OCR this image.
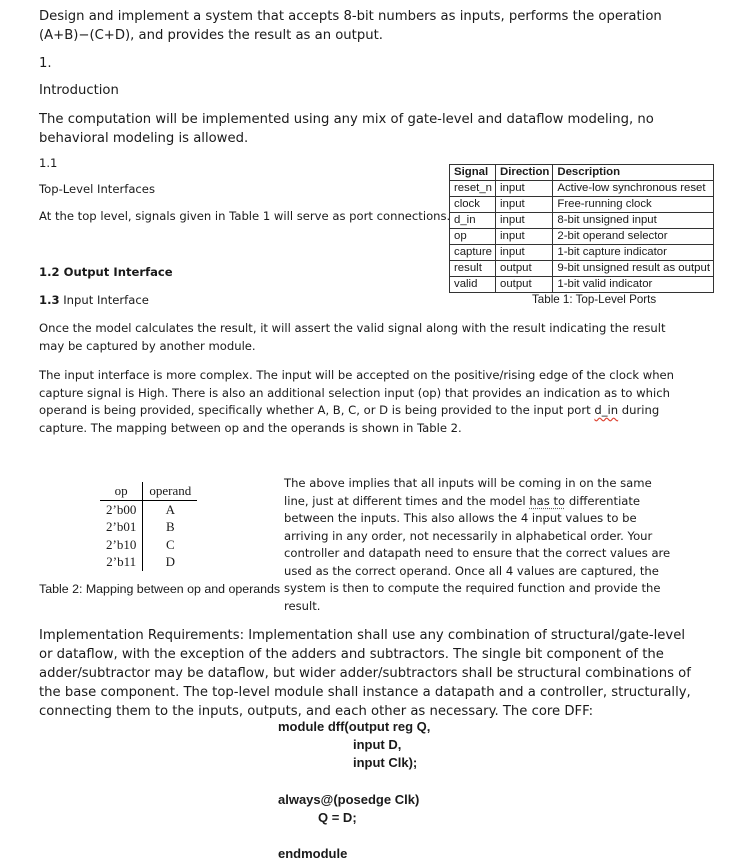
Design and implement a system that accepts 8-bit numbers as inputs, performs the operation
(A+B)−(C+D), and provides the result as an output.
1.
Introduction
The computation will be implemented using any mix of gate-level and dataflow modeling, no
behavioral modeling is allowed.
1.1
Top-Level Interfaces
At the top level, signals given in Table 1 will serve as port connections.
1.2 Output Interface
1.3 Input Interface
Signal	Direction	Description
reset_n	input	Active-low synchronous reset
clock	input	Free-running clock
d_in	input	8-bit unsigned input
op	input	2-bit operand selector
capture	input	1-bit capture indicator
result	output	9-bit unsigned result as output
valid	output	1-bit valid indicator
Table 1: Top-Level Ports
Once the model calculates the result, it will assert the valid signal along with the result indicating the result
may be captured by another module.
The input interface is more complex. The input will be accepted on the positive/rising edge of the clock when
capture signal is High. There is also an additional selection input (op) that provides an indication as to which
operand is being provided, specifically whether A, B, C, or D is being provided to the input port d_in during
capture. The mapping between op and the operands is shown in Table 2.
op	operand
2’b00	A
2’b01	B
2’b10	C
2’b11	D
Table 2: Mapping between op and operands
The above implies that all inputs will be coming in on the same
line, just at different times and the model has to differentiate
between the inputs. This also allows the 4 input values to be
arriving in any order, not necessarily in alphabetical order. Your
controller and datapath need to ensure that the correct values are
used as the correct operand. Once all 4 values are captured, the
system is then to compute the required function and provide the
result.
Implementation Requirements: Implementation shall use any combination of structural/gate-level
or dataflow, with the exception of the adders and subtractors. The single bit component of the
adder/subtractor may be dataflow, but wider adder/subtractors shall be structural combinations of
the base component. The top-level module shall instance a datapath and a controller, structurally,
connecting them to the inputs, outputs, and each other as necessary. The core DFF:
module dff(output reg Q,
input D,
input Clk);
always@(posedge Clk)
Q = D;
endmodule
